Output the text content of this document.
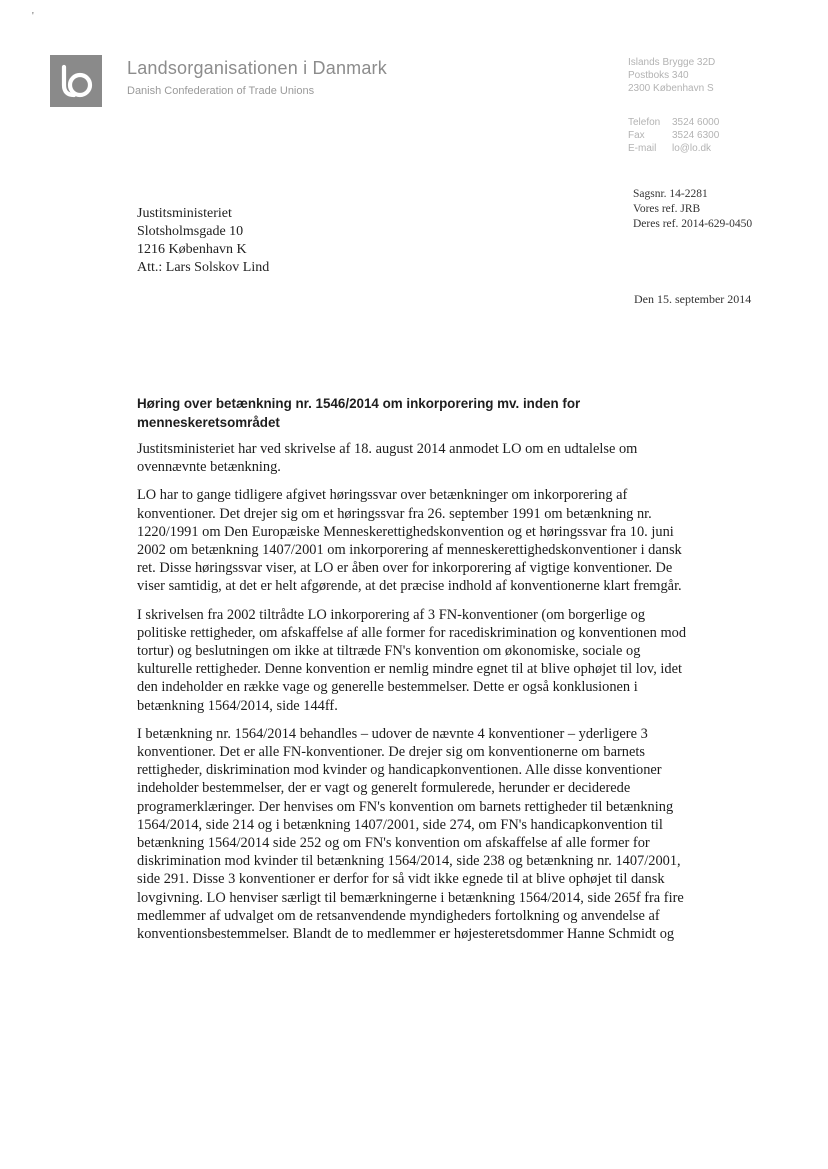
'
Landsorganisationen i Danmark
Danish Confederation of Trade Unions
Islands Brygge 32D
Postboks 340
2300 København S
Telefon 3524 6000
Fax	3524 6300
E-mail lo@lo.dk
Sagsnr. 14-2281
Vores ref. JRB
Deres ref. 2014-629-0450
Justitsministeriet
Slotsholmsgade 10
1216 København K
Att.: Lars Solskov Lind
Den 15. september 2014
Høring over betænkning nr. 1546/2014 om inkorporering mv. inden for menneskeretsområdet

Justitsministeriet har ved skrivelse af 18. august 2014 anmodet LO om en udtalelse om ovennævnte betænkning.

LO har to gange tidligere afgivet høringssvar over betænkninger om inkorporering af konventioner. Det drejer sig om et høringssvar fra 26. september 1991 om betænkning nr. 1220/1991 om Den Europæiske Menneskerettighedskonvention og et høringssvar fra 10. juni 2002 om betænkning 1407/2001 om inkorporering af menneskerettighedskonventioner i dansk ret. Disse høringssvar viser, at LO er åben over for inkorporering af vigtige konventioner. De viser samtidig, at det er helt afgørende, at det præcise indhold af konventionerne klart fremgår.

I skrivelsen fra 2002 tiltrådte LO inkorporering af 3 FN-konventioner (om borgerlige og politiske rettigheder, om afskaffelse af alle former for racediskrimination og konventionen mod tortur) og beslutningen om ikke at tiltræde FN's konvention om økonomiske, sociale og kulturelle rettigheder. Denne konvention er nemlig mindre egnet til at blive ophøjet til lov, idet den indeholder en række vage og generelle bestemmelser. Dette er også konklusionen i betænkning 1564/2014, side 144ff.

I betænkning nr. 1564/2014 behandles – udover de nævnte 4 konventioner – yderligere 3 konventioner. Det er alle FN-konventioner. De drejer sig om konventionerne om barnets rettigheder, diskrimination mod kvinder og handicapkonventionen. Alle disse konventioner indeholder bestemmelser, der er vagt og generelt formulerede, herunder er deciderede programerklæringer. Der henvises om FN's konvention om barnets rettigheder til betænkning 1564/2014, side 214 og i betænkning 1407/2001, side 274, om FN's handicapkonvention til betænkning 1564/2014 side 252 og om FN's konvention om afskaffelse af alle former for diskrimination mod kvinder til betænkning 1564/2014, side 238 og betænkning nr. 1407/2001, side 291. Disse 3 konventioner er derfor for så vidt ikke egnede til at blive ophøjet til dansk lovgivning. LO henviser særligt til bemærkningerne i betænkning 1564/2014, side 265f fra fire medlemmer af udvalget om de retsanvendende myndigheders fortolkning og anvendelse af konventionsbestemmelser. Blandt de to medlemmer er højesteretsdommer Hanne Schmidt og
